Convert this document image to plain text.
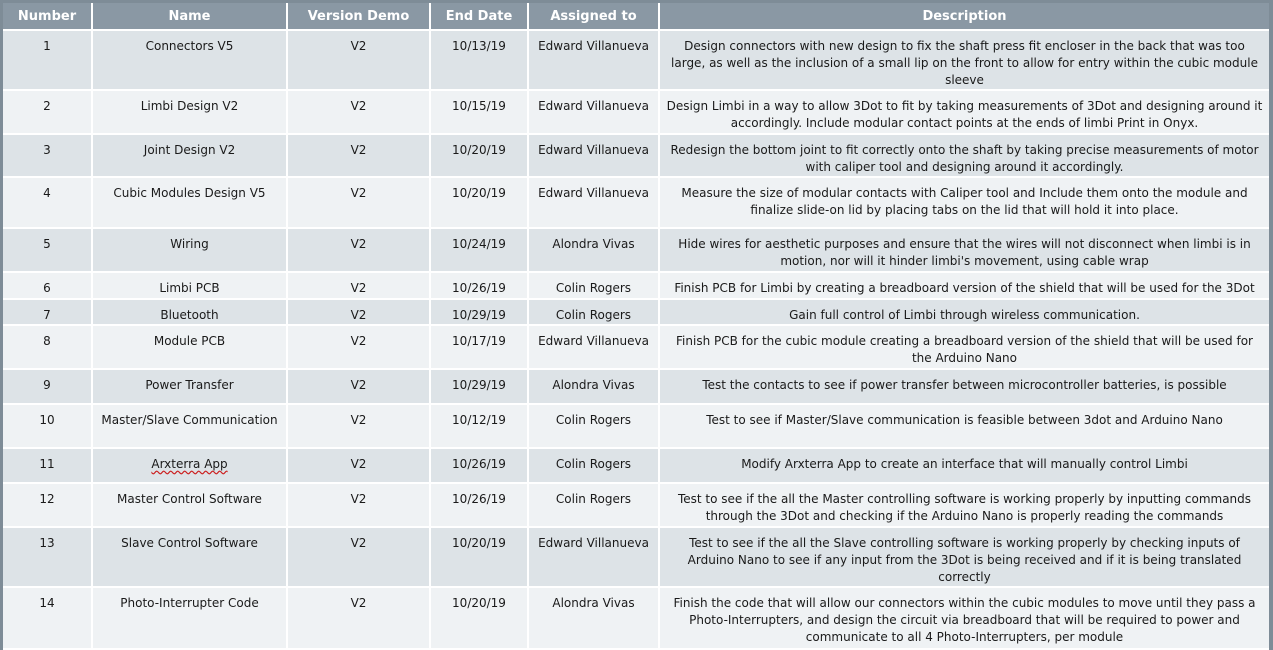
Number	Name	Version Demo	End Date	Assigned to	Description
1	Connectors V5	V2	10/13/19	Edward Villanueva	Design connectors with new design to fix the shaft press fit encloser in the back that was too large, as well as the inclusion of a small lip on the front to allow for entry within the cubic module sleeve
2	Limbi Design V2	V2	10/15/19	Edward Villanueva	Design Limbi in a way to allow 3Dot to fit by taking measurements of 3Dot and designing around it accordingly. Include modular contact points at the ends of limbi Print in Onyx.
3	Joint Design V2	V2	10/20/19	Edward Villanueva	Redesign the bottom joint to fit correctly onto the shaft by taking precise measurements of motor with caliper tool and designing around it accordingly.
4	Cubic Modules Design V5	V2	10/20/19	Edward Villanueva	Measure the size of modular contacts with Caliper tool and Include them onto the module and finalize slide-on lid by placing tabs on the lid that will hold it into place.
5	Wiring	V2	10/24/19	Alondra Vivas	Hide wires for aesthetic purposes and ensure that the wires will not disconnect when limbi is in motion, nor will it hinder limbi's movement, using cable wrap
6	Limbi PCB	V2	10/26/19	Colin Rogers	Finish PCB for Limbi by creating a breadboard version of the shield that will be used for the 3Dot
7	Bluetooth	V2	10/29/19	Colin Rogers	Gain full control of Limbi through wireless communication.
8	Module PCB	V2	10/17/19	Edward Villanueva	Finish PCB for the cubic module creating a breadboard version of the shield that will be used for the Arduino Nano
9	Power Transfer	V2	10/29/19	Alondra Vivas	Test the contacts to see if power transfer between microcontroller batteries, is possible
10	Master/Slave Communication	V2	10/12/19	Colin Rogers	Test to see if Master/Slave communication is feasible between 3dot and Arduino Nano
11	Arxterra App	V2	10/26/19	Colin Rogers	Modify Arxterra App to create an interface that will manually control Limbi
12	Master Control Software	V2	10/26/19	Colin Rogers	Test to see if the all the Master controlling software is working properly by inputting commands through the 3Dot and checking if the Arduino Nano is properly reading the commands
13	Slave Control Software	V2	10/20/19	Edward Villanueva	Test to see if the all the Slave controlling software is working properly by checking inputs of Arduino Nano to see if any input from the 3Dot is being received and if it is being translated correctly
14	Photo-Interrupter Code	V2	10/20/19	Alondra Vivas	Finish the code that will allow our connectors within the cubic modules to move until they pass a Photo-Interrupters, and design the circuit via breadboard that will be required to power and communicate to all 4 Photo-Interrupters, per module
